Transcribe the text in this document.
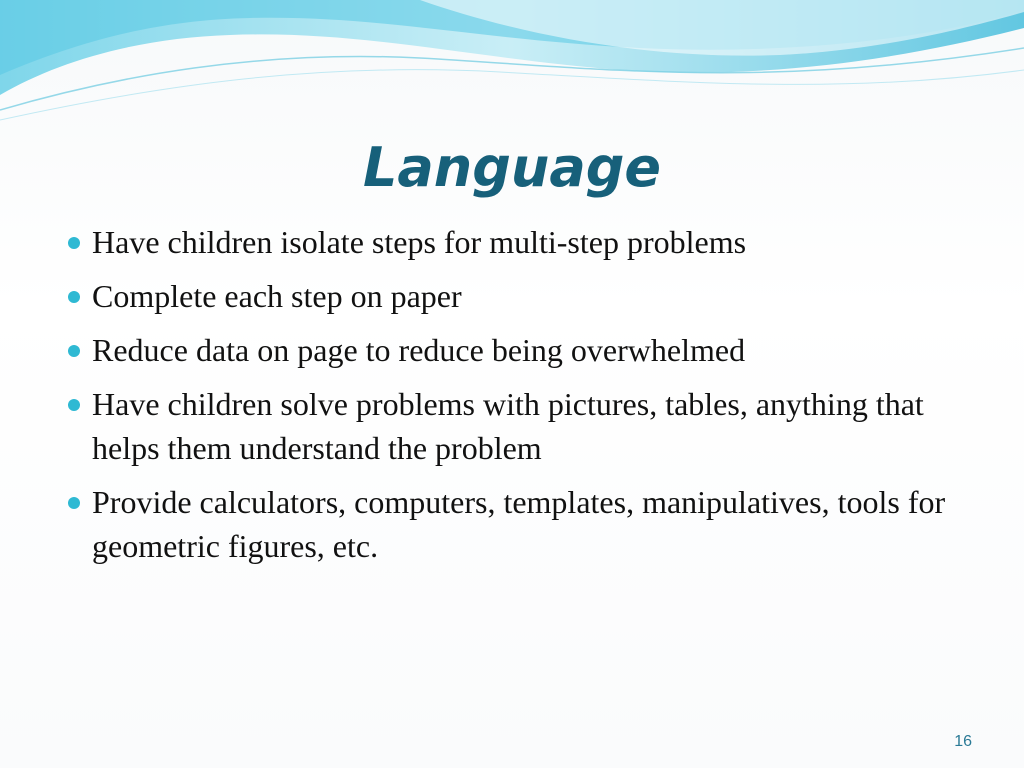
Language
Have children isolate steps for multi-step problems
Complete each step on paper
Reduce data on page to reduce being overwhelmed
Have children solve problems with pictures, tables, anything that helps them understand the problem
Provide calculators, computers, templates, manipulatives, tools for geometric figures, etc.
16
